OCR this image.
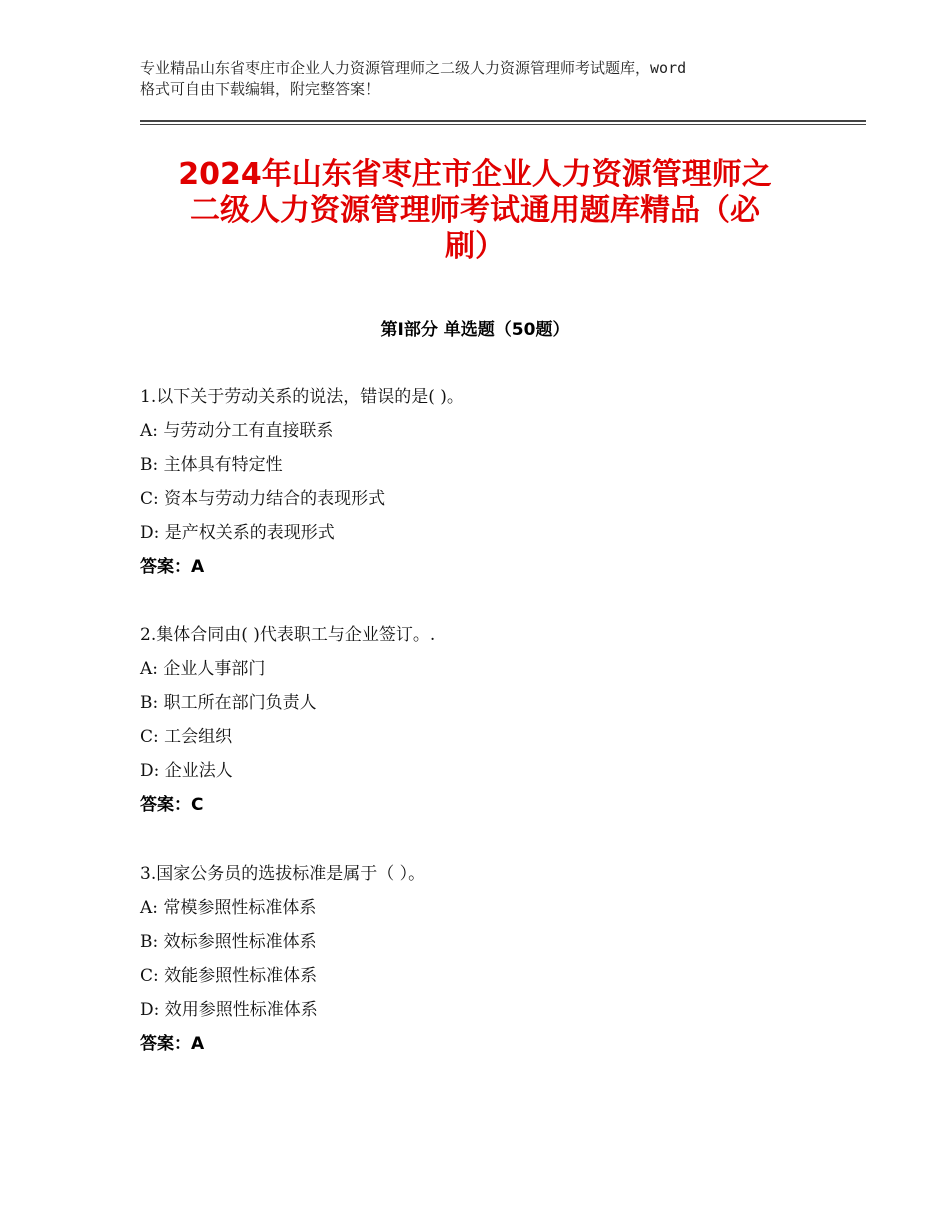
专业精品山东省枣庄市企业人力资源管理师之二级人力资源管理师考试题库，word
格式可自由下载编辑，附完整答案！
2024年山东省枣庄市企业人力资源管理师之
二级人力资源管理师考试通用题库精品（必
刷）
第Ⅰ部分 单选题（50题）
1.以下关于劳动关系的说法，错误的是( )。
A: 与劳动分工有直接联系
B: 主体具有特定性
C: 资本与劳动力结合的表现形式
D: 是产权关系的表现形式
答案：A
2.集体合同由( )代表职工与企业签订。.
A: 企业人事部门
B: 职工所在部门负责人
C: 工会组织
D: 企业法人
答案：C
3.国家公务员的选拔标准是属于（ ）。
A: 常模参照性标准体系
B: 效标参照性标准体系
C: 效能参照性标准体系
D: 效用参照性标准体系
答案：A
